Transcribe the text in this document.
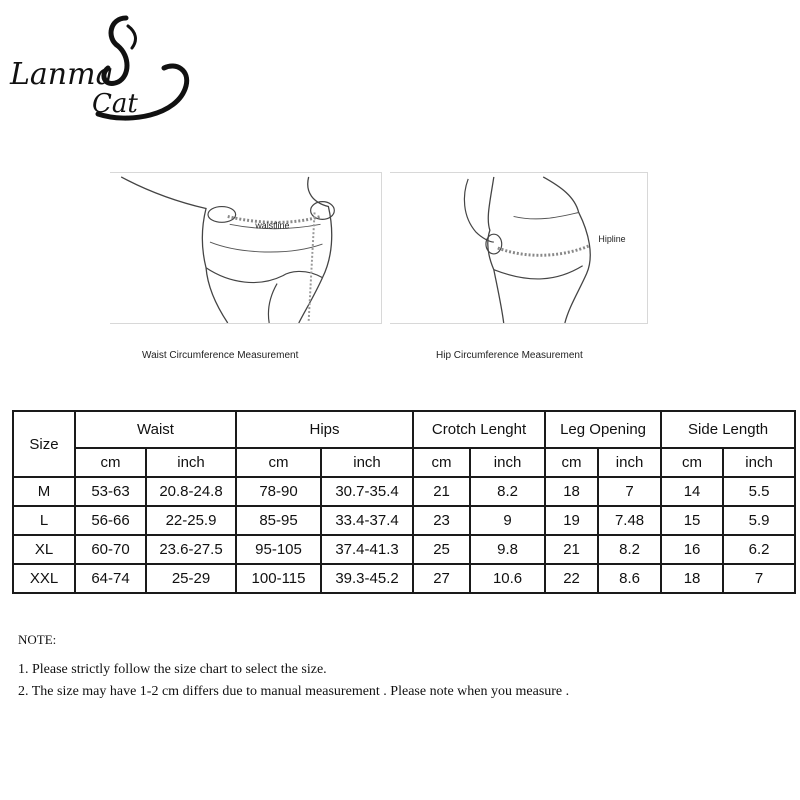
Lanma
Cat
waistline
Hipline
Waist Circumference Measurement	Hip Circumference Measurement
Size	Waist		Hips		Crotch Lenght		Leg Opening		Side Length	
	cm	inch	cm	inch	cm	inch	cm	inch	cm	inch
M	53-63	20.8-24.8	78-90	30.7-35.4	21	8.2	18	7	14	5.5
L	56-66	22-25.9	85-95	33.4-37.4	23	9	19	7.48	15	5.9
XL	60-70	23.6-27.5	95-105	37.4-41.3	25	9.8	21	8.2	16	6.2
XXL	64-74	25-29	100-115	39.3-45.2	27	10.6	22	8.6	18	7
NOTE:
1. Please strictly follow the size chart to select the size.
2. The size may have 1-2 cm differs due to manual measurement . Please note when you measure .
